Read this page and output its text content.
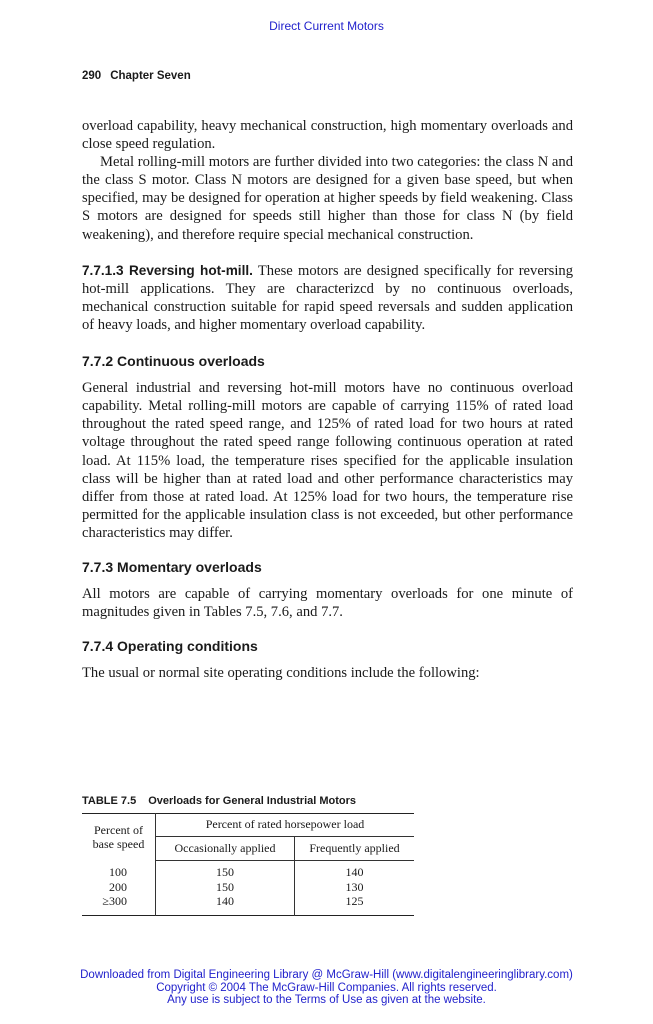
Direct Current Motors
290 Chapter Seven

overload capability, heavy mechanical construction, high momentary overloads and close speed regulation.

Metal rolling-mill motors are further divided into two categories: the class N and the class S motor. Class N motors are designed for a given base speed, but when specified, may be designed for operation at higher speeds by field weakening. Class S motors are designed for speeds still higher than those for class N (by field weakening), and therefore require special mechanical construction.

7.7.1.3 Reversing hot-mill. These motors are designed specifically for reversing hot-mill applications. They are characterizcd by no continuous overloads, mechanical construction suitable for rapid speed reversals and sudden application of heavy loads, and higher momentary overload capability.

7.7.2 Continuous overloads

General industrial and reversing hot-mill motors have no continuous overload capability. Metal rolling-mill motors are capable of carrying 115% of rated load throughout the rated speed range, and 125% of rated load for two hours at rated voltage throughout the rated speed range following continuous operation at rated load. At 115% load, the temperature rises specified for the applicable insulation class will be higher than at rated load and other performance characteristics may differ from those at rated load. At 125% load for two hours, the temperature rise permitted for the applicable insulation class is not exceeded, but other performance characteristics may differ.

7.7.3 Momentary overloads

All motors are capable of carrying momentary overloads for one minute of magnitudes given in Tables 7.5, 7.6, and 7.7.

7.7.4 Operating conditions

The usual or normal site operating conditions include the following:

TABLE 7.5 Overloads for General Industrial Motors
Percent of base speed	Percent of rated horsepower load	
	Occasionally applied	Frequently applied
100	150	140
200	150	130
≥300	140	125
Downloaded from Digital Engineering Library @ McGraw-Hill (www.digitalengineeringlibrary.com)
Copyright © 2004 The McGraw-Hill Companies. All rights reserved.
Any use is subject to the Terms of Use as given at the website.
